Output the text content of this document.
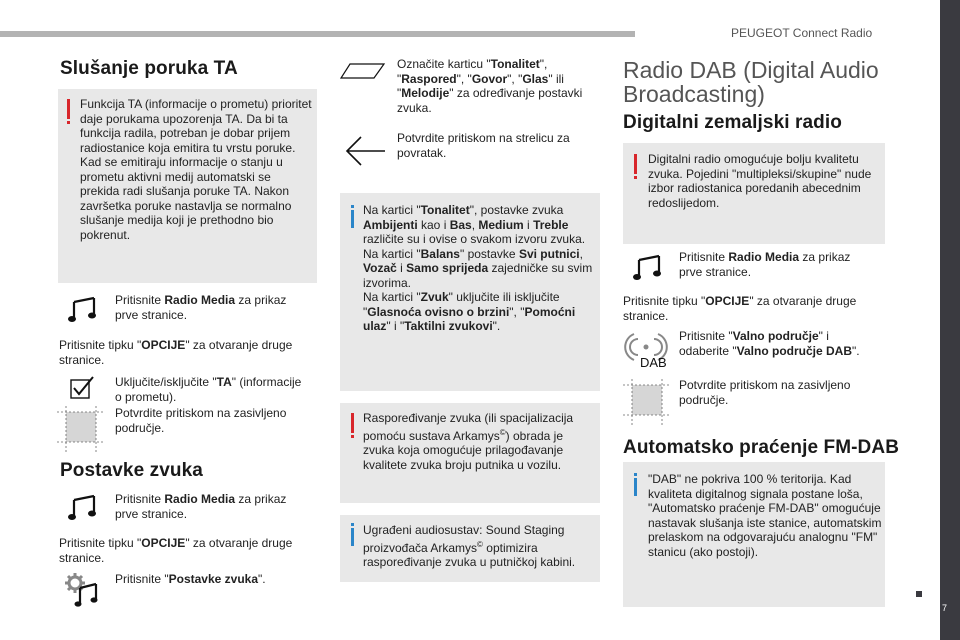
PEUGEOT Connect Radio
7
Slušanje poruka TA
Funkcija TA (informacije o prometu) prioritet daje porukama upozorenja TA. Da bi ta funkcija radila, potreban je dobar prijem radiostanice koja emitira tu vrstu poruke. Kad se emitiraju informacije o stanju u prometu aktivni medij automatski se prekida radi slušanja poruke TA. Nakon završetka poruke nastavlja se normalno slušanje medija koji je prethodno bio pokrenut.
Pritisnite Radio Media za prikaz prve stranice.
Pritisnite tipku "OPCIJE" za otvaranje druge stranice.
Uključite/isključite "TA" (informacije o prometu).
Potvrdite pritiskom na zasivljeno područje.
Postavke zvuka
Pritisnite Radio Media za prikaz prve stranice.
Pritisnite tipku "OPCIJE" za otvaranje druge stranice.
Pritisnite "Postavke zvuka".
Označite karticu "Tonalitet", "Raspored", "Govor", "Glas" ili "Melodije" za određivanje postavki zvuka.
Potvrdite pritiskom na strelicu za povratak.
Na kartici "Tonalitet", postavke zvuka Ambijenti kao i Bas, Medium i Treble različite su i ovise o svakom izvoru zvuka.
Na kartici "Balans" postavke Svi putnici, Vozač i Samo sprijeda zajedničke su svim izvorima.
Na kartici "Zvuk" uključite ili isključite "Glasnoća ovisno o brzini", "Pomoćni ulaz" i "Taktilni zvukovi".
Raspoređivanje zvuka (ili spacijalizacija pomoću sustava Arkamys©) obrada je zvuka koja omogućuje prilagođavanje kvalitete zvuka broju putnika u vozilu.
Ugrađeni audiosustav: Sound Staging proizvođača Arkamys© optimizira raspoređivanje zvuka u putničkoj kabini.
Radio DAB (Digital Audio Broadcasting)
Digitalni zemaljski radio
Digitalni radio omogućuje bolju kvalitetu zvuka. Pojedini "multipleksi/skupine" nude izbor radiostanica poredanih abecednim redoslijedom.
Pritisnite Radio Media za prikaz prve stranice.
Pritisnite tipku "OPCIJE" za otvaranje druge stranice.
DAB
Pritisnite "Valno područje" i odaberite "Valno područje DAB".
Potvrdite pritiskom na zasivljeno područje.
Automatsko praćenje FM-DAB
"DAB" ne pokriva 100 % teritorija. Kad kvaliteta digitalnog signala postane loša, "Automatsko praćenje FM-DAB" omogućuje nastavak slušanja iste stanice, automatskim prelaskom na odgovarajuću analognu "FM" stanicu (ako postoji).
